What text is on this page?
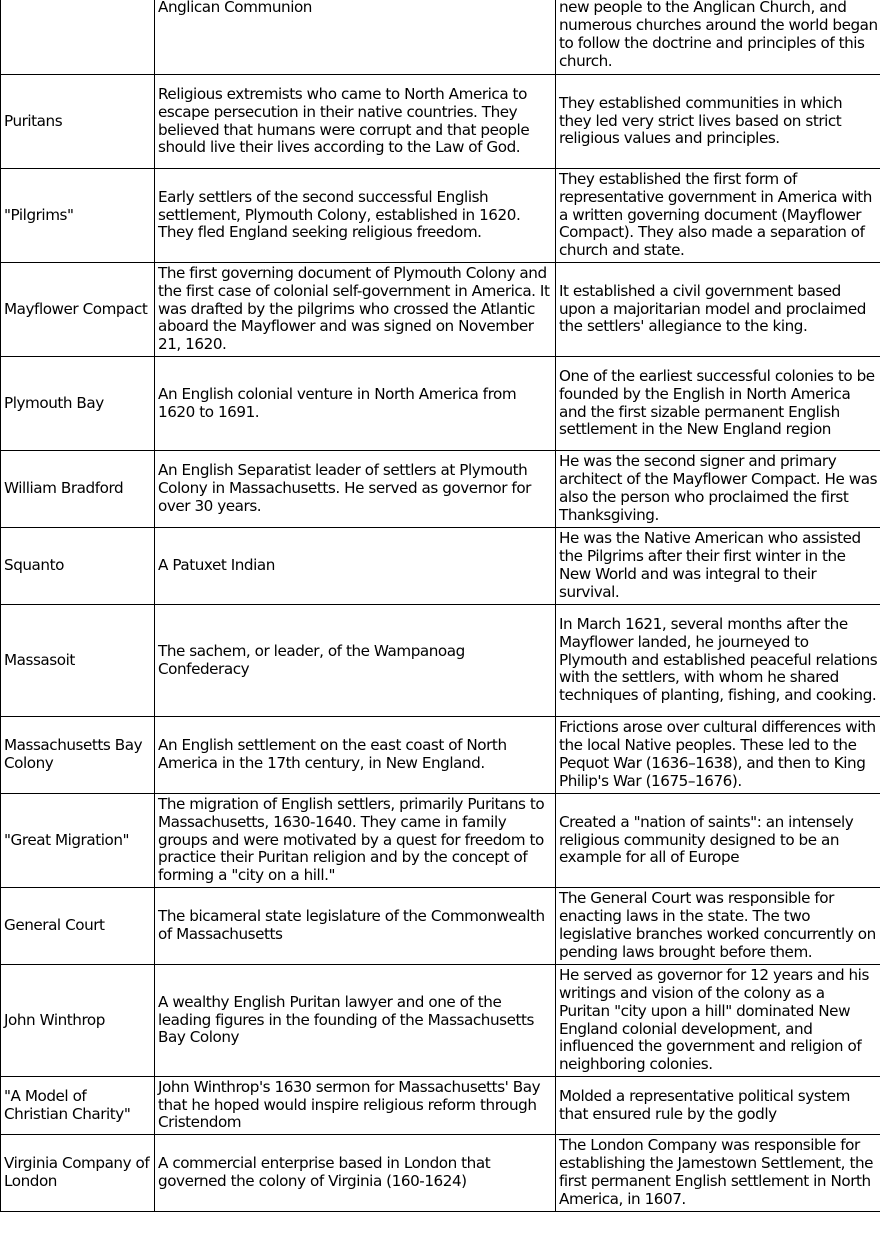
	Anglican Communion	new people to the Anglican Church, and numerous churches around the world began to follow the doctrine and principles of this church.

Puritans	Religious extremists who came to North America to escape persecution in their native countries. They believed that humans were corrupt and that people should live their lives according to the Law of God.	They established communities in which they led very strict lives based on strict religious values and principles.
"Pilgrims"	Early settlers of the second successful English settlement, Plymouth Colony, established in 1620. They fled England seeking religious freedom.	They established the first form of representative government in America with a written governing document (Mayflower Compact). They also made a separation of church and state.
Mayflower Compact	The first governing document of Plymouth Colony and the first case of colonial self-government in America. It was drafted by the pilgrims who crossed the Atlantic aboard the Mayflower and was signed on November 21, 1620.	It established a civil government based upon a majoritarian model and proclaimed the settlers' allegiance to the king.
Plymouth Bay	An English colonial venture in North America from 1620 to 1691.	One of the earliest successful colonies to be founded by the English in North America and the first sizable permanent English settlement in the New England region
William Bradford	An English Separatist leader of settlers at Plymouth Colony in Massachusetts. He served as governor for over 30 years.	He was the second signer and primary architect of the Mayflower Compact. He was also the person who proclaimed the first Thanksgiving.
Squanto	A Patuxet Indian	He was the Native American who assisted the Pilgrims after their first winter in the New World and was integral to their survival.
Massasoit	The sachem, or leader, of the Wampanoag Confederacy	In March 1621, several months after the Mayflower landed, he journeyed to Plymouth and established peaceful relations with the settlers, with whom he shared techniques of planting, fishing, and cooking.
Massachusetts Bay Colony	An English settlement on the east coast of North America in the 17th century, in New England.	Frictions arose over cultural differences with the local Native peoples. These led to the Pequot War (1636–1638), and then to King Philip's War (1675–1676).
"Great Migration"	The migration of English settlers, primarily Puritans to Massachusetts, 1630-1640. They came in family groups and were motivated by a quest for freedom to practice their Puritan religion and by the concept of forming a "city on a hill."	Created a "nation of saints": an intensely religious community designed to be an example for all of Europe
General Court	The bicameral state legislature of the Commonwealth of Massachusetts	The General Court was responsible for enacting laws in the state. The two legislative branches worked concurrently on pending laws brought before them.
John Winthrop	A wealthy English Puritan lawyer and one of the leading figures in the founding of the Massachusetts Bay Colony	He served as governor for 12 years and his writings and vision of the colony as a Puritan "city upon a hill" dominated New England colonial development, and influenced the government and religion of neighboring colonies.
"A Model of Christian Charity"	John Winthrop's 1630 sermon for Massachusetts' Bay that he hoped would inspire religious reform through Cristendom	Molded a representative political system that ensured rule by the godly
Virginia Company of London	A commercial enterprise based in London that governed the colony of Virginia (160-1624)	The London Company was responsible for establishing the Jamestown Settlement, the first permanent English settlement in North America, in 1607.
